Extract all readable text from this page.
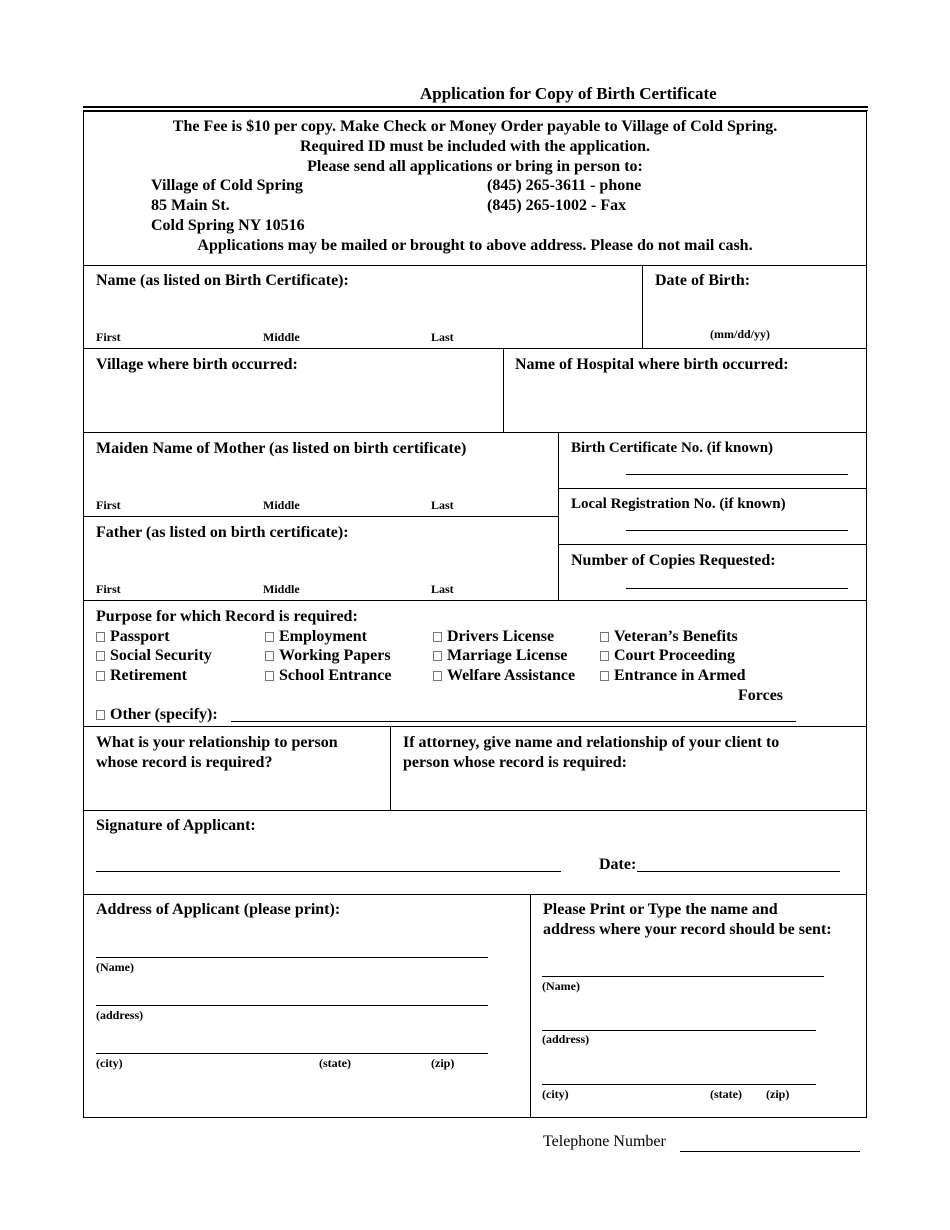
Application for Copy of Birth Certificate
The Fee is $10 per copy. Make Check or Money Order payable to Village of Cold Spring.
Required ID must be included with the application.
Please send all applications or bring in person to:
Village of Cold Spring
85 Main St.
Cold Spring NY 10516
(845) 265-3611 - phone
(845) 265-1002 - Fax
Applications may be mailed or brought to above address. Please do not mail cash.
Name (as listed on Birth Certificate):
First	Middle	Last
Date of Birth:
(mm/dd/yy)
Village where birth occurred:	Name of Hospital where birth occurred:
Maiden Name of Mother (as listed on birth certificate)
First	Middle	Last
Father (as listed on birth certificate):
First	Middle	Last
Birth Certificate No. (if known)
Local Registration No. (if known)
Number of Copies Requested:
Purpose for which Record is required:
Passport	Employment	Drivers License	Veteran’s Benefits
Social Security	Working Papers	Marriage License	Court Proceeding
Retirement	School Entrance	Welfare Assistance	Entrance in Armed
Forces
Other (specify):
What is your relationship to person
whose record is required?
If attorney, give name and relationship of your client to
person whose record is required:
Signature of Applicant:
Date:
Address of Applicant (please print):
(Name)
(address)
(city)	(state)	(zip)
Please Print or Type the name and
address where your record should be sent:
(Name)
(address)
(city)	(state) (zip)
Telephone Number
